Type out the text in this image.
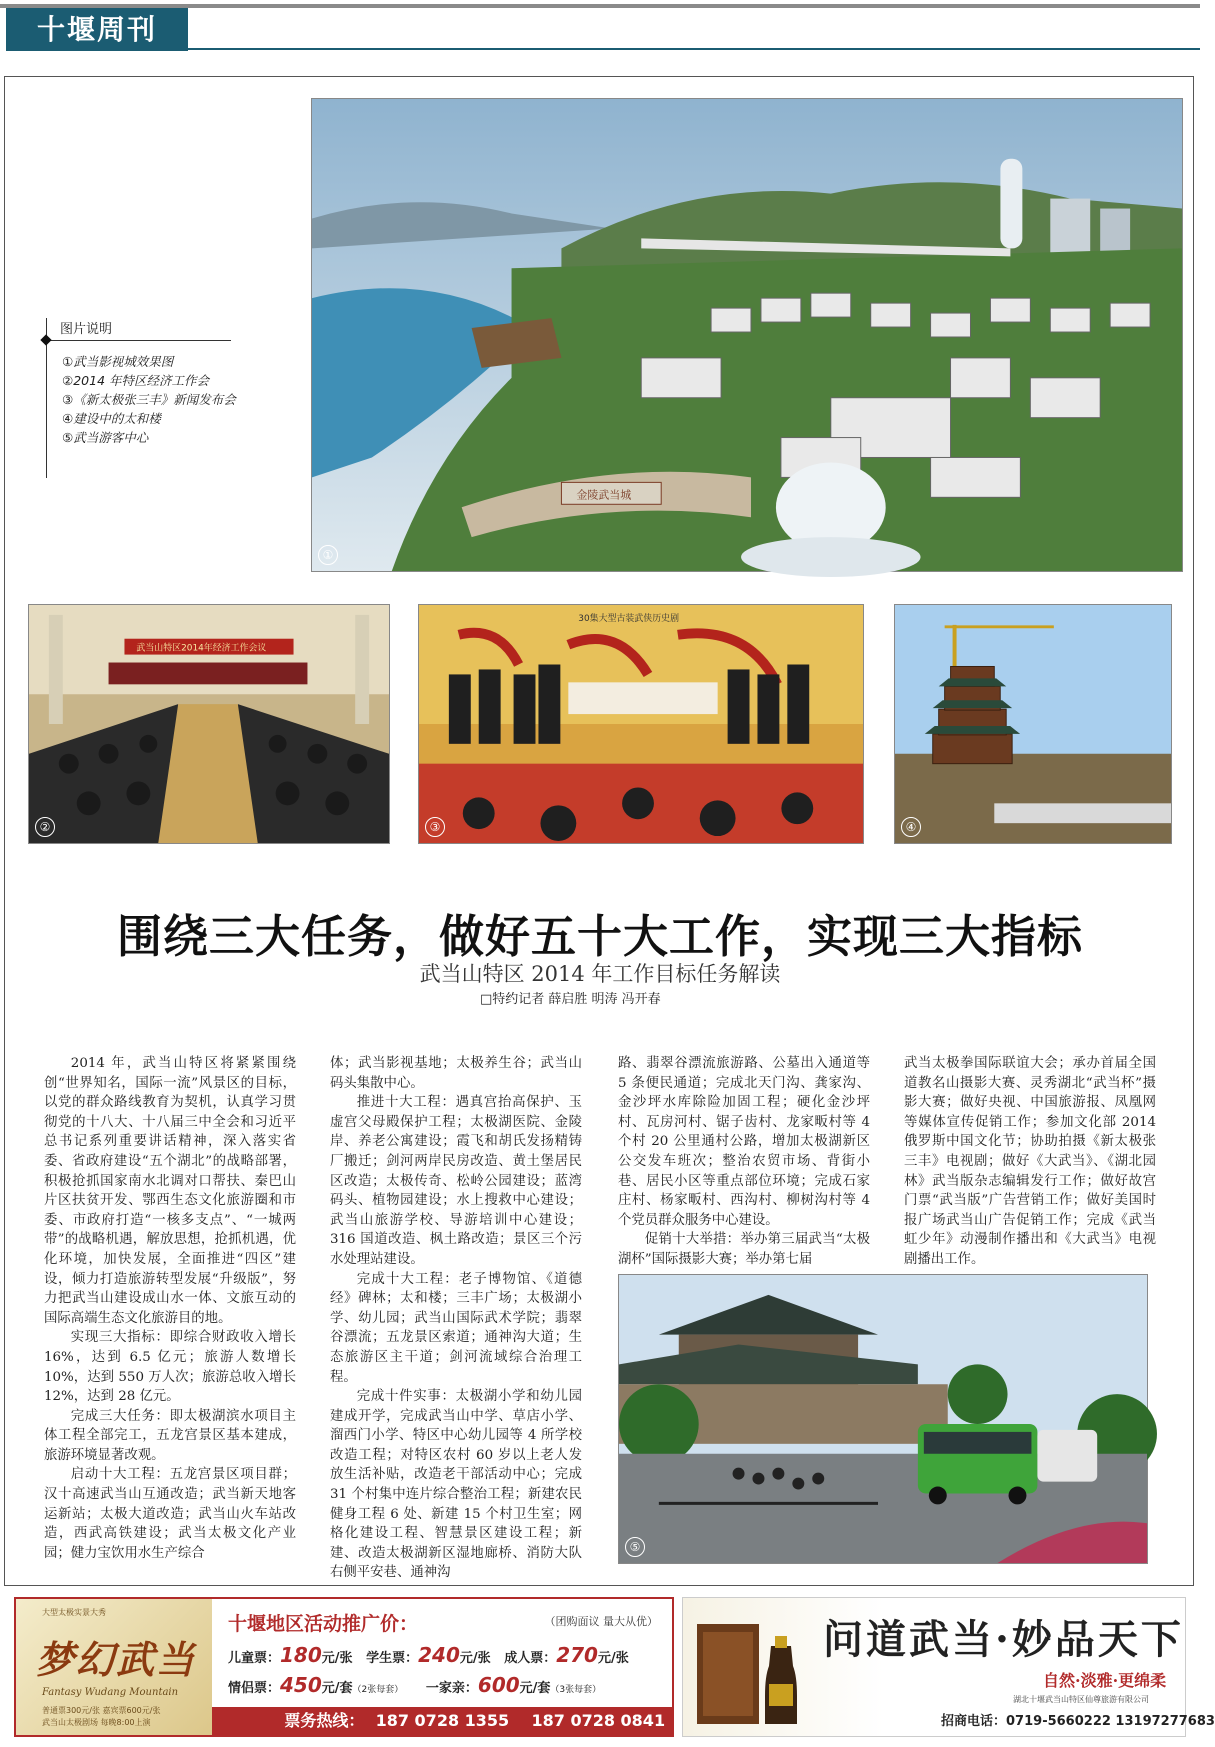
十堰周刊
金陵武当城
①
图片说明
①武当影视城效果图
②2014 年特区经济工作会
③《新太极张三丰》新闻发布会
④建设中的太和楼
⑤武当游客中心
武当山特区2014年经济工作会议
②
30集大型古装武侠历史剧
③	④
围绕三大任务，做好五十大工作，实现三大指标
武当山特区 2014 年工作目标任务解读
□特约记者 薛启胜 明涛 冯开春

2014 年，武当山特区将紧紧围绕创“世界知名，国际一流”风景区的目标，以党的群众路线教育为契机，认真学习贯彻党的十八大、十八届三中全会和习近平总书记系列重要讲话精神，深入落实省委、省政府建设“五个湖北”的战略部署，积极抢抓国家南水北调对口帮扶、秦巴山片区扶贫开发、鄂西生态文化旅游圈和市委、市政府打造“一核多支点”、“一城两带”的战略机遇，解放思想，抢抓机遇，优化环境，加快发展，全面推进“四区”建设，倾力打造旅游转型发展“升级版”，努力把武当山建设成山水一体、文旅互动的国际高端生态文化旅游目的地。

实现三大指标：即综合财政收入增长 16%，达到 6.5 亿元；旅游人数增长 10%，达到 550 万人次；旅游总收入增长 12%，达到 28 亿元。

完成三大任务：即太极湖滨水项目主体工程全部完工，五龙宫景区基本建成，旅游环境显著改观。

启动十大工程：五龙宫景区项目群；汉十高速武当山互通改造；武当新天地客运新站；太极大道改造；武当山火车站改造，西武高铁建设；武当太极文化产业园；健力宝饮用水生产综合

体；武当影视基地；太极养生谷；武当山码头集散中心。

推进十大工程：遇真宫抬高保护、玉虚宫父母殿保护工程；太极湖医院、金陵岸、养老公寓建设；霞飞和胡氏发扬精铸厂搬迁；剑河两岸民房改造、黄土堡居民区改造；太极传奇、松岭公园建设；蓝湾码头、植物园建设；水上搜救中心建设；武当山旅游学校、导游培训中心建设；316 国道改造、枫土路改造；景区三个污水处理站建设。

完成十大工程：老子博物馆、《道德经》碑林；太和楼；三丰广场；太极湖小学、幼儿园；武当山国际武术学院；翡翠谷漂流；五龙景区索道；通神沟大道；生态旅游区主干道；剑河流域综合治理工程。

完成十件实事：太极湖小学和幼儿园建成开学，完成武当山中学、草店小学、溜西门小学、特区中心幼儿园等 4 所学校改造工程；对特区农村 60 岁以上老人发放生活补贴，改造老干部活动中心；完成 31 个村集中连片综合整治工程；新建农民健身工程 6 处、新建 15 个村卫生室；网格化建设工程、智慧景区建设工程；新建、改造太极湖新区湿地廊桥、消防大队右侧平安巷、通神沟

路、翡翠谷漂流旅游路、公墓出入通道等 5 条便民通道；完成北天门沟、龚家沟、金沙坪水库除险加固工程；硬化金沙坪村、瓦房河村、锯子齿村、龙家畈村等 4 个村 20 公里通村公路，增加太极湖新区公交发车班次；整治农贸市场、背街小巷、居民小区等重点部位环境；完成石家庄村、杨家畈村、西沟村、柳树沟村等 4 个党员群众服务中心建设。

促销十大举措：举办第三届武当“太极湖杯”国际摄影大赛；举办第七届

武当太极拳国际联谊大会；承办首届全国道教名山摄影大赛、灵秀湖北“武当杯”摄影大赛；做好央视、中国旅游报、凤凰网等媒体宣传促销工作；参加文化部 2014 俄罗斯中国文化节；协助拍摄《新太极张三丰》电视剧；做好《大武当》、《湖北园林》武当版杂志编辑发行工作；做好故宫门票“武当版”广告营销工作；做好美国时报广场武当山广告促销工作；完成《武当虹少年》动漫制作播出和《大武当》电视剧播出工作。

⑤
大型太极实景大秀
梦幻武当
Fantasy Wudang Mountain
普通票300元/张 嘉宾票600元/张
武当山太极剧场 每晚8:00上演
十堰地区活动推广价：	（团购面议 量大从优）
儿童票：180元/张 学生票：240元/张 成人票：270元/张
情侣票：450元/套（2张每套） 一家亲：600元/套（3张每套）
票务热线： 187 0728 1355 187 0728 0841
问道武当·妙品天下
自然·淡雅·更绵柔
湖北十堰武当山特区仙尊旅游有限公司
招商电话：0719-5660222 13197277683
